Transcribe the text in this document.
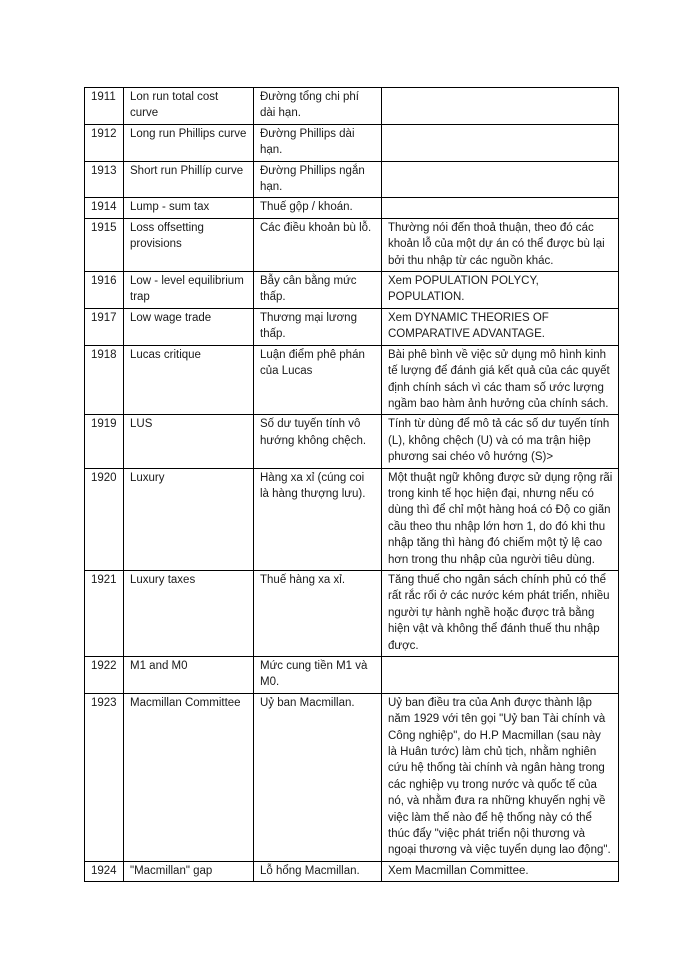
1911	Lon run total cost curve	Đường tổng chi phí dài hạn.	
1912	Long run Phillips curve	Đường Phillips dài hạn.	
1913	Short run Phillíp curve	Đường Phillips ngắn hạn.	
1914	Lump - sum tax	Thuế gộp / khoán.	
1915	Loss offsetting provisions	Các điều khoản bù lỗ.	Thường nói đến thoả thuận, theo đó các khoản lỗ của một dự án có thể được bù lại bởi thu nhập từ các nguồn khác.
1916	Low - level equilibrium trap	Bẫy cân bằng mức thấp.	Xem POPULATION POLYCY, POPULATION.
1917	Low wage trade	Thương mại lương thấp.	Xem DYNAMIC THEORIES OF COMPARATIVE ADVANTAGE.
1918	Lucas critique	Luận điểm phê phán của Lucas	Bài phê bình về việc sử dụng mô hình kinh tế lượng để đánh giá kết quả của các quyết định chính sách vì các tham số ước lượng ngầm bao hàm ảnh hưởng của chính sách.
1919	LUS	Số dư tuyến tính vô hướng không chệch.	Tính từ dùng để mô tả các số dư tuyến tính (L), không chệch (U) và có ma trận hiệp phương sai chéo vô hướng (S)>
1920	Luxury	Hàng xa xỉ (cúng coi là hàng thượng lưu).	Một thuật ngữ không được sử dụng rộng rãi trong kinh tế học hiện đại, nhưng nếu có dùng thì để chỉ một hàng hoá có Độ co giãn cầu theo thu nhập lớn hơn 1, do đó khi thu nhập tăng thì hàng đó chiếm một tỷ lệ cao hơn trong thu nhập của người tiêu dùng.
1921	Luxury taxes	Thuế hàng xa xỉ.	Tăng thuế cho ngân sách chính phủ có thể rất rắc rối ở các nước kém phát triển, nhiều người tự hành nghề hoặc được trả bằng hiện vật và không thể đánh thuế thu nhập được.
1922	M1 and M0	Mức cung tiền M1 và M0.	
1923	Macmillan Committee	Uỷ ban Macmillan.	Uỷ ban điều tra của Anh được thành lập năm 1929 với tên gọi "Uỷ ban Tài chính và Công nghiệp", do H.P Macmillan (sau này là Huân tước) làm chủ tịch, nhằm nghiên cứu hệ thống tài chính và ngân hàng trong các nghiệp vụ trong nước và quốc tế của nó, và nhằm đưa ra những khuyến nghị về việc làm thế nào để hệ thống này có thể thúc đẩy "việc phát triển nội thương và ngoại thương và việc tuyển dụng lao động".
1924	"Macmillan" gap	Lỗ hổng Macmillan.	Xem Macmillan Committee.
